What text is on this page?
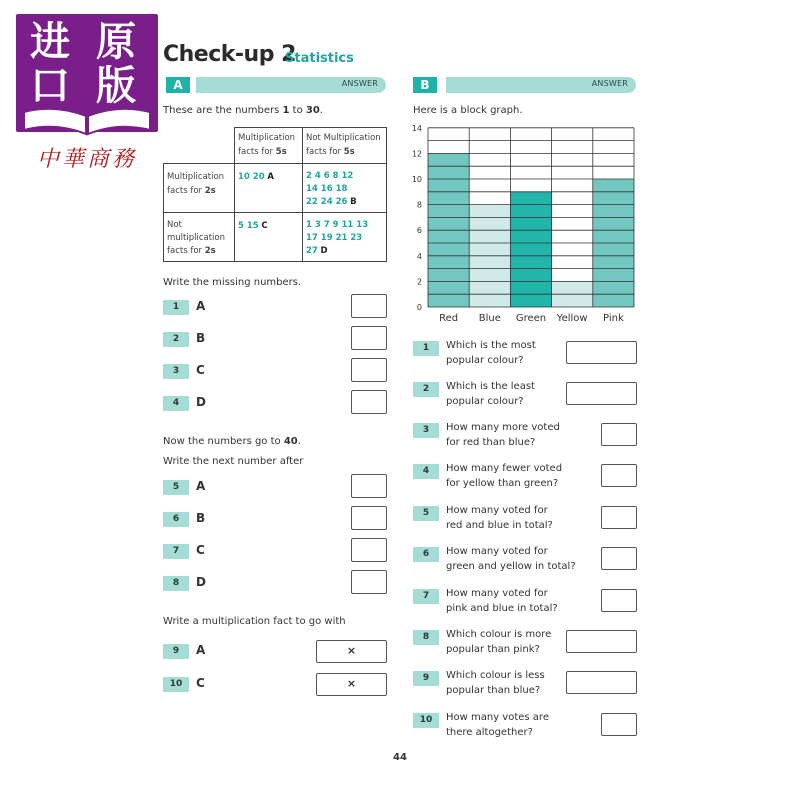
进 原
口 版
中華商務
Check-up 2
Statistics
A	ANSWER	B	ANSWER
These are the numbers 1 to 30.
	Multiplication
facts for 5s	Not Multiplication
facts for 5s
Multiplication
facts for 2s	10 20 A	2 4 6 8 12
14 16 18
22 24 26 B
Not
multiplication
facts for 2s	5 15 C	1 3 7 9 11 13
17 19 21 23
27 D
Write the missing numbers.
1	A
2	B
3	C
4	D
Now the numbers go to 40.
Write the next number after
5	A
6	B
7	C
8	D
Write a multiplication fact to go with
9	A	×
10	C	×
Here is a block graph.
0
2
4
6
8
10
12
14
Red Blue Green Yellow Pink
1	Which is the most
popular colour?
2	Which is the least
popular colour?
3	How many more voted
for red than blue?
4	How many fewer voted
for yellow than green?
5	How many voted for
red and blue in total?
6	How many voted for
green and yellow in total?
7	How many voted for
pink and blue in total?
8	Which colour is more
popular than pink?
9	Which colour is less
popular than blue?
10	How many votes are
there altogether?
44
